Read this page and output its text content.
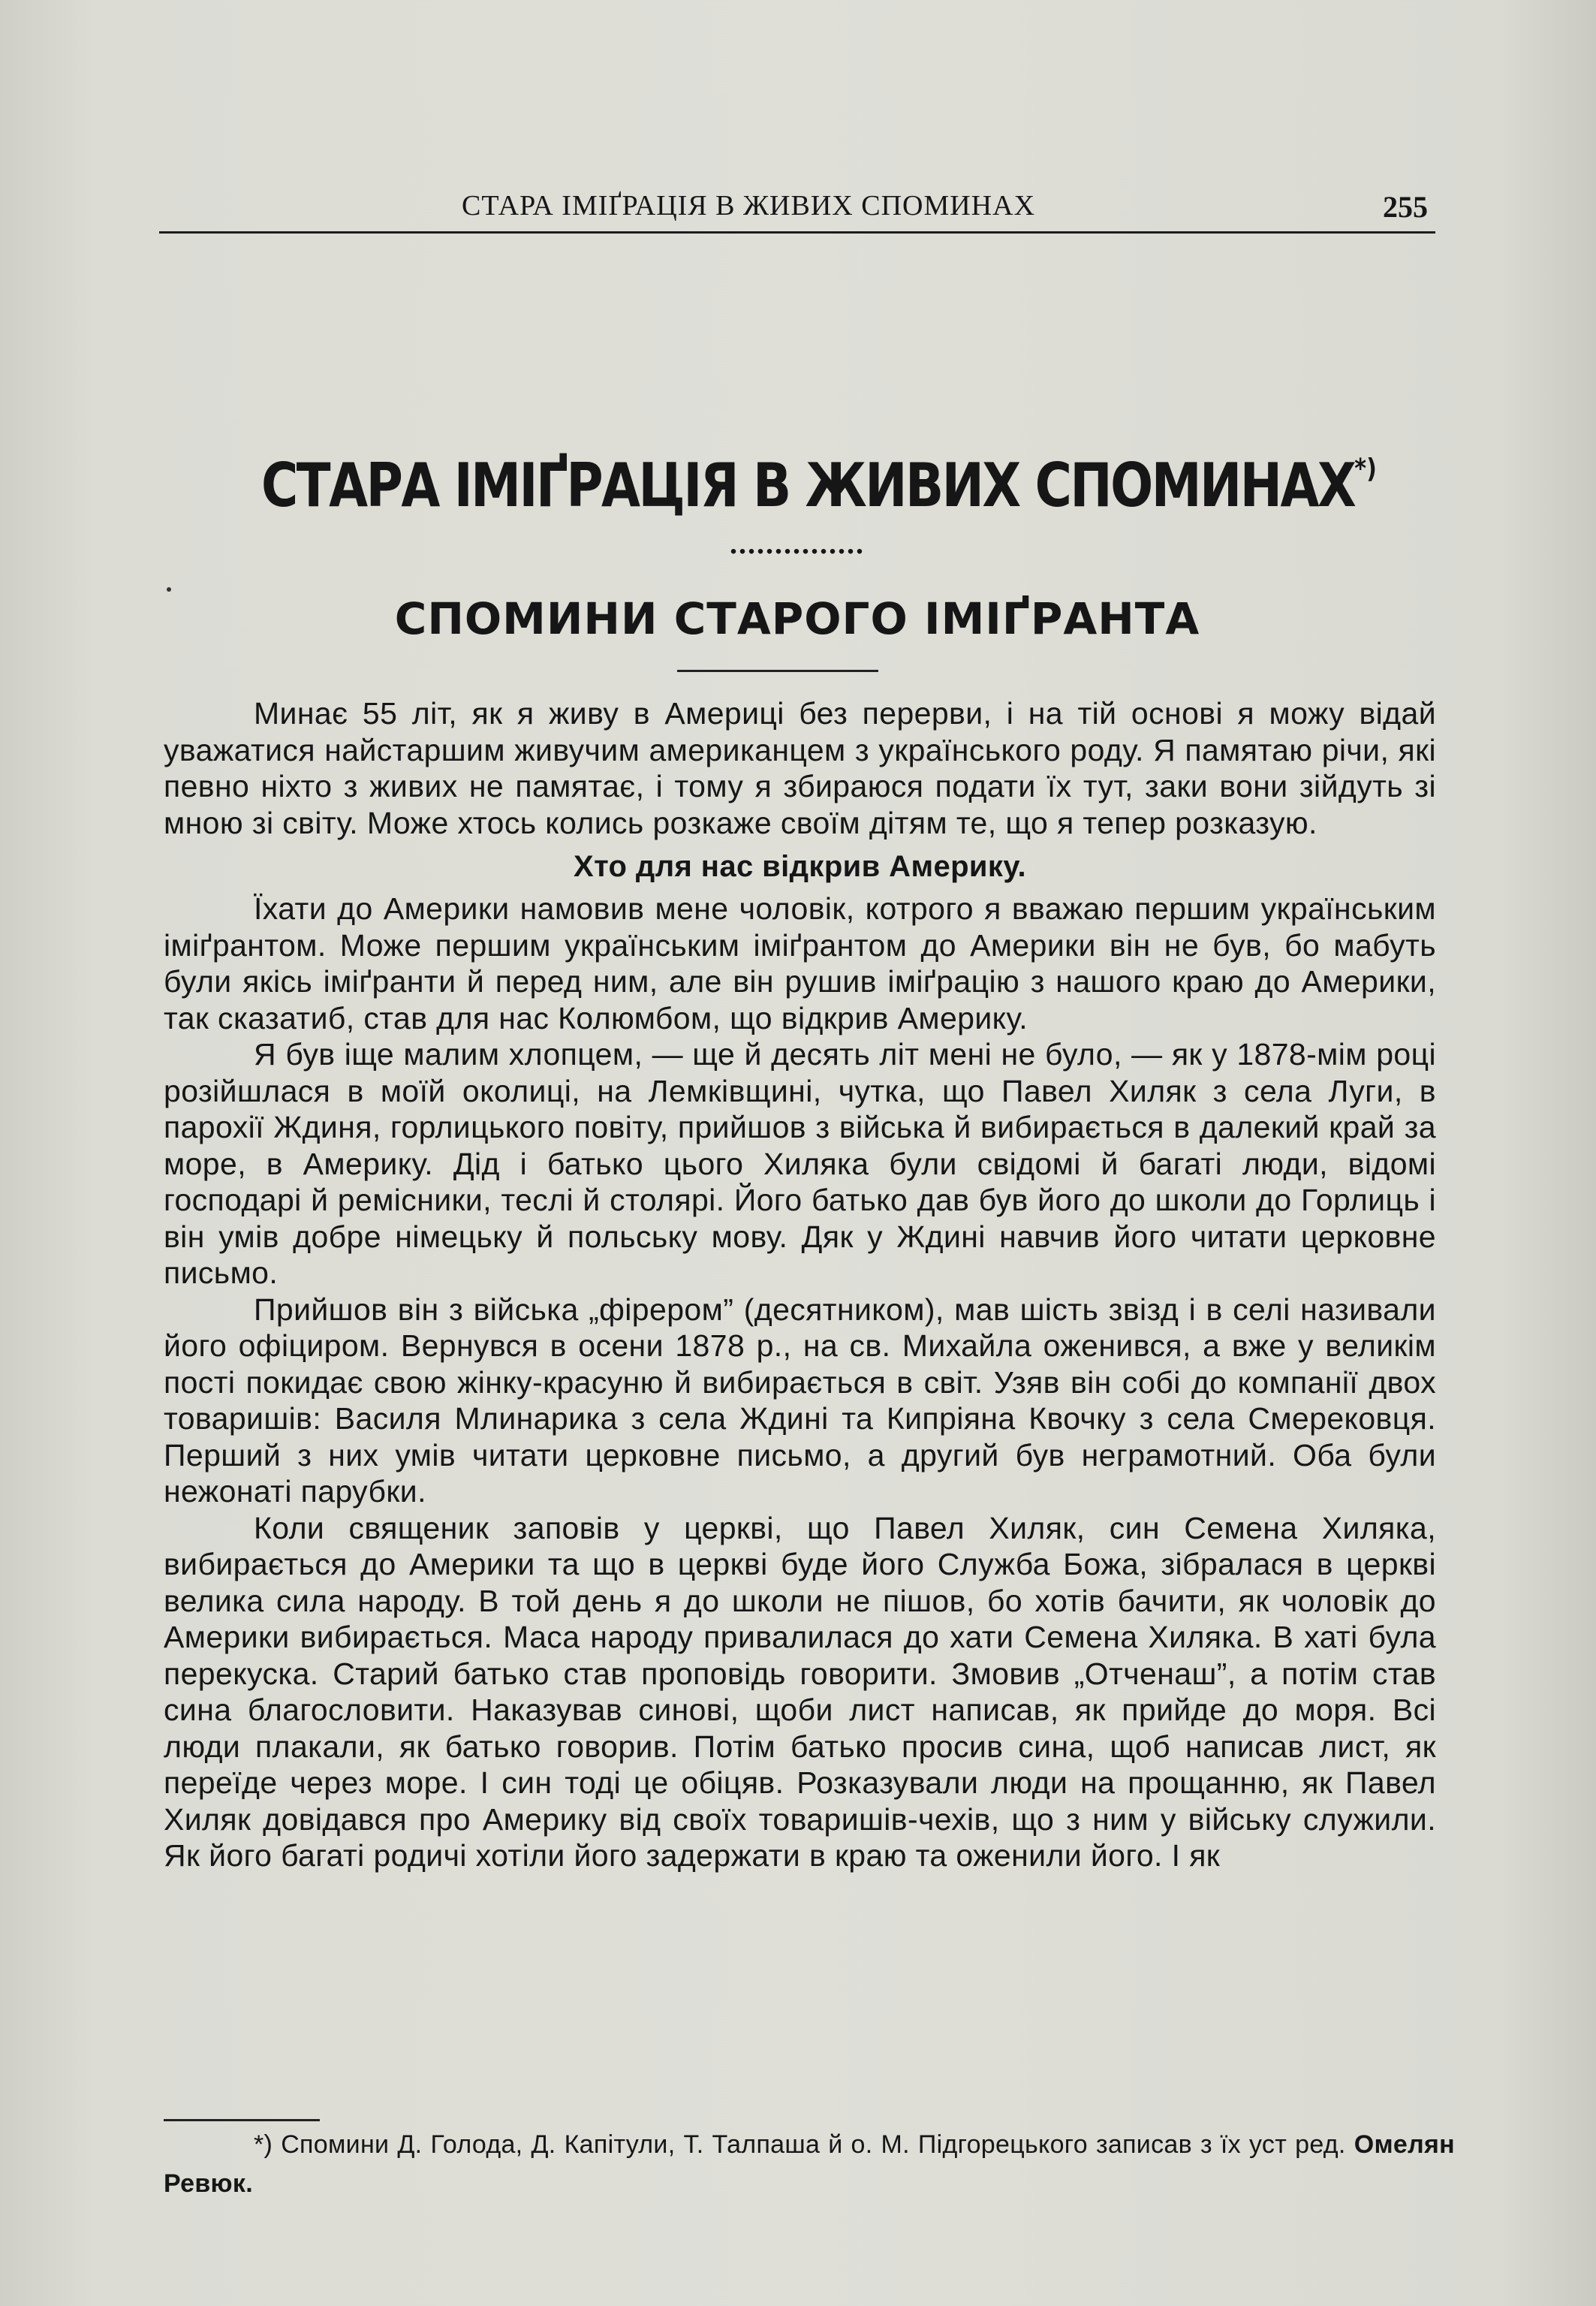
СТАРА ІМІҐРАЦІЯ В ЖИВИХ СПОМИНАХ	255
СТАРА ІМІҐРАЦІЯ В ЖИВИХ СПОМИНАХ*)
...............
СПОМИНИ СТАРОГО ІМІҐРАНТА

Минає 55 літ, як я живу в Америці без перерви, і на тій основі я можу відай уважатися найстаршим живучим американцем з українського роду. Я памятаю річи, які певно ніхто з живих не памятає, і тому я збираюся подати їх тут, заки вони зійдуть зі мною зі світу. Може хтось колись розкаже своїм дітям те, що я тепер розказую.

Хто для нас відкрив Америку.

Їхати до Америки намовив мене чоловік, котрого я вважаю першим українським іміґрантом. Може першим українським іміґрантом до Америки він не був, бо мабуть були якісь іміґранти й перед ним, але він рушив іміґрацію з нашого краю до Америки, так сказатиб, став для нас Колюмбом, що відкрив Америку.

Я був іще малим хлопцем, — ще й десять літ мені не було, — як у 1878-мім році розійшлася в моїй околиці, на Лемківщині, чутка, що Павел Хиляк з села Луги, в парохії Ждиня, горлицького повіту, прийшов з війська й вибирається в далекий край за море, в Америку. Дід і батько цього Хиляка були свідомі й багаті люди, відомі господарі й ремісники, теслі й столярі. Його батько дав був його до школи до Горлиць і він умів добре німецьку й польську мову. Дяк у Ждині навчив його читати церковне письмо.

Прийшов він з війська „фірером” (десятником), мав шість звізд і в селі називали його офіциром. Вернувся в осени 1878 р., на св. Михайла оженився, а вже у великім пості покидає свою жінку-красуню й вибирається в світ. Узяв він собі до компанії двох товаришів: Василя Млинарика з села Ждині та Кипріяна Квочку з села Смерековця. Перший з них умів читати церковне письмо, а другий був неграмотний. Оба були нежонаті парубки.

Коли священик заповів у церкві, що Павел Хиляк, син Семена Хиляка, вибирається до Америки та що в церкві буде його Служба Божа, зібралася в церкві велика сила народу. В той день я до школи не пішов, бо хотів бачити, як чоловік до Америки вибирається. Маса народу привалилася до хати Семена Хиляка. В хаті була перекуска. Старий батько став проповідь говорити. Змовив „Отченаш”, а потім став сина благословити. Наказував синові, щоби лист написав, як прийде до моря. Всі люди плакали, як батько говорив. Потім батько просив сина, щоб написав лист, як переїде через море. І син тоді це обіцяв. Розказували люди на прощанню, як Павел Хиляк довідався про Америку від своїх товаришів-чехів, що з ним у війську служили. Як його багаті родичі хотіли його задержати в краю та оженили його. І як

*) Спомини Д. Голода, Д. Капітули, Т. Талпаша й о. М. Підгорецького записав з їх уст ред. Омелян Ревюк.
